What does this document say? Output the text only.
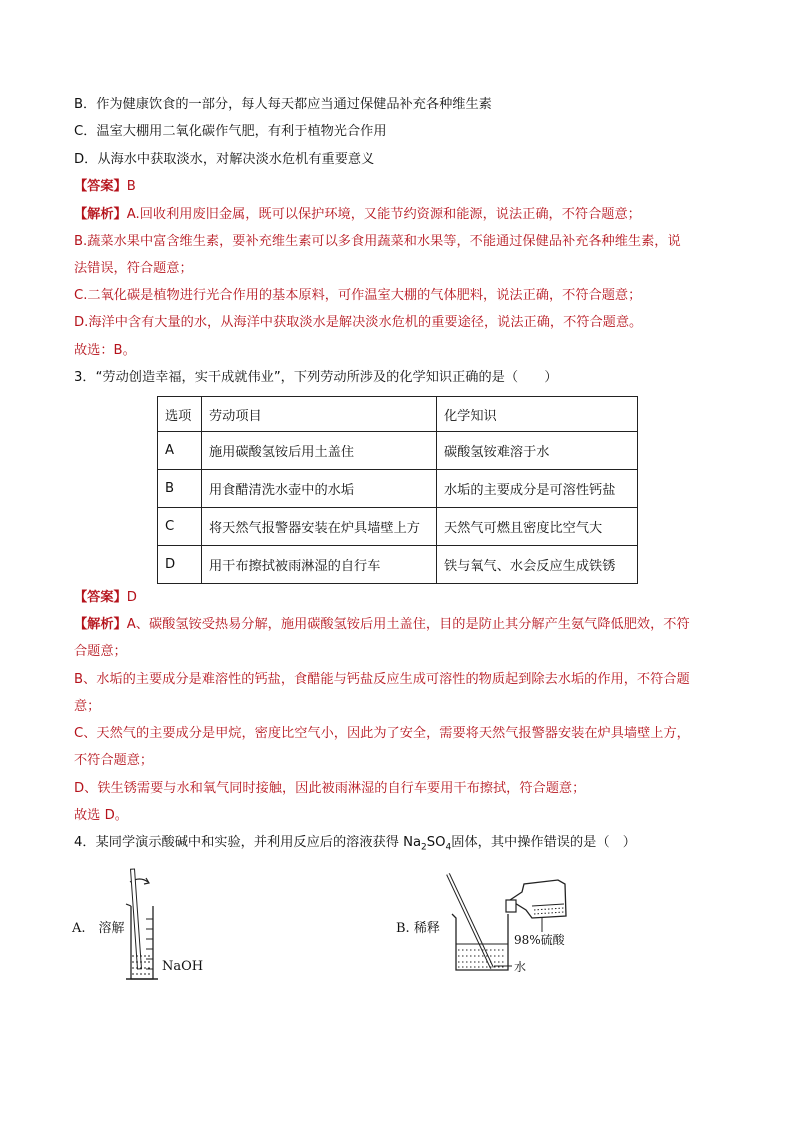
B．作为健康饮食的一部分，每人每天都应当通过保健品补充各种维生素
C．温室大棚用二氧化碳作气肥，有利于植物光合作用
D．从海水中获取淡水，对解决淡水危机有重要意义
【答案】B
【解析】A.回收利用废旧金属，既可以保护环境，又能节约资源和能源，说法正确，不符合题意；
B.蔬菜水果中富含维生素，要补充维生素可以多食用蔬菜和水果等，不能通过保健品补充各种维生素，说
法错误，符合题意；
C.二氧化碳是植物进行光合作用的基本原料，可作温室大棚的气体肥料，说法正确，不符合题意；
D.海洋中含有大量的水，从海洋中获取淡水是解决淡水危机的重要途径，说法正确，不符合题意。
故选：B。
3．“劳动创造幸福，实干成就伟业”，下列劳动所涉及的化学知识正确的是（　　）
选项	劳动项目	化学知识
A	施用碳酸氢铵后用土盖住	碳酸氢铵难溶于水
B	用食醋清洗水壶中的水垢	水垢的主要成分是可溶性钙盐
C	将天然气报警器安装在炉具墙壁上方	天然气可燃且密度比空气大
D	用干布擦拭被雨淋湿的自行车	铁与氧气、水会反应生成铁锈
【答案】D
【解析】A、碳酸氢铵受热易分解，施用碳酸氢铵后用土盖住，目的是防止其分解产生氨气降低肥效，不符
合题意；
B、水垢的主要成分是难溶性的钙盐，食醋能与钙盐反应生成可溶性的物质起到除去水垢的作用，不符合题
意；
C、天然气的主要成分是甲烷，密度比空气小，因此为了安全，需要将天然气报警器安装在炉具墙壁上方，
不符合题意；
D、铁生锈需要与水和氧气同时接触，因此被雨淋湿的自行车要用干布擦拭，符合题意；
故选 D。
4．某同学演示酸碱中和实验，并利用反应后的溶液获得 $Na_2SO_4$固体，其中操作错误的是（　）
A.　溶解
NaOH
B. 稀释
98%硫酸
水
